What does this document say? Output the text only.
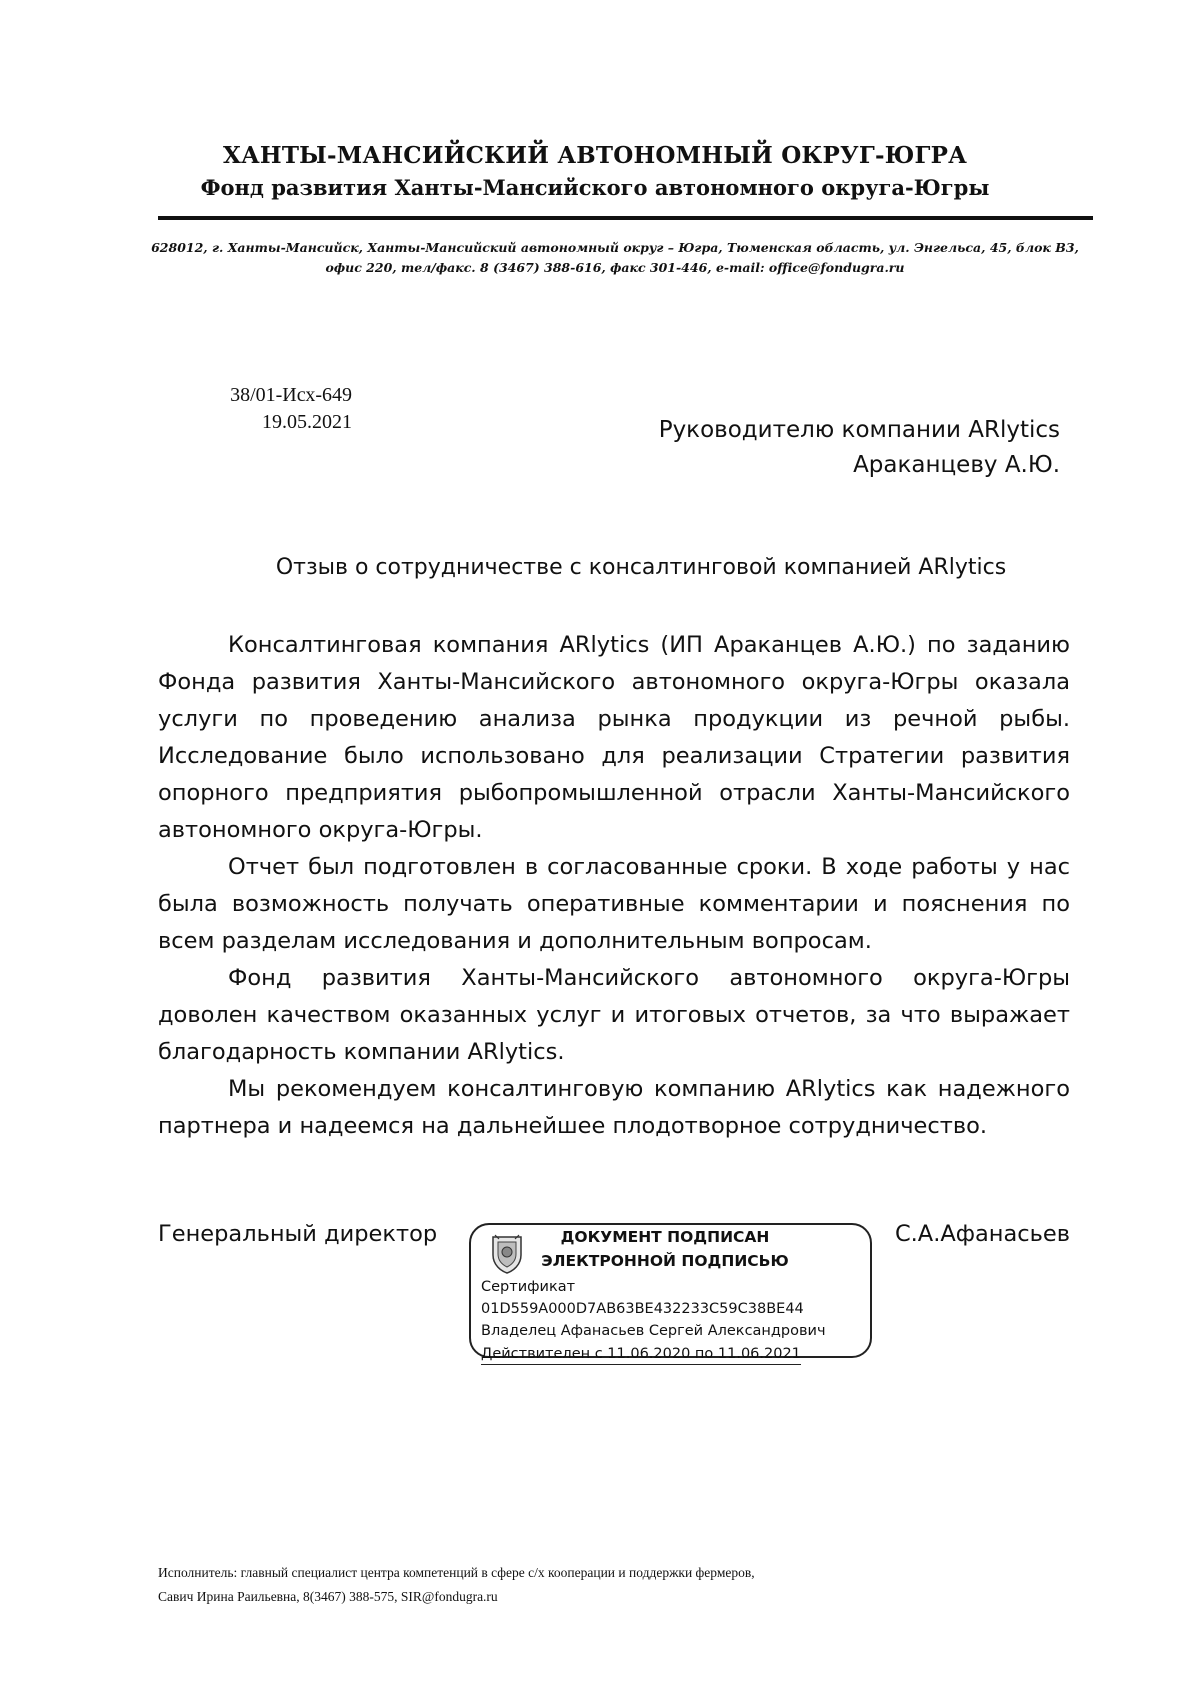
ХАНТЫ-МАНСИЙСКИЙ АВТОНОМНЫЙ ОКРУГ-ЮГРА
Фонд развития Ханты-Мансийского автономного округа-Югры
628012, г. Ханты-Мансийск, Ханты-Мансийский автономный округ – Югра, Тюменская область, ул. Энгельса, 45, блок В3,
офис 220, тел/факс. 8 (3467) 388-616, факс 301-446, e-mail: office@fondugra.ru
38/01-Исх-649
19.05.2021	Руководителю компании ARlytics
Араканцеву А.Ю.
Отзыв о сотрудничестве с консалтинговой компанией ARlytics

Консалтинговая компания ARlytics (ИП Араканцев А.Ю.) по заданию Фонда развития Ханты-Мансийского автономного округа-Югры оказала услуги по проведению анализа рынка продукции из речной рыбы. Исследование было использовано для реализации Стратегии развития опорного предприятия рыбопромышленной отрасли Ханты-Мансийского автономного округа-Югры.

Отчет был подготовлен в согласованные сроки. В ходе работы у нас была возможность получать оперативные комментарии и пояснения по всем разделам исследования и дополнительным вопросам.

Фонд развития Ханты-Мансийского автономного округа-Югры доволен качеством оказанных услуг и итоговых отчетов, за что выражает благодарность компании ARlytics.

Мы рекомендуем консалтинговую компанию ARlytics как надежного партнера и надеемся на дальнейшее плодотворное сотрудничество.

Генеральный директор	ДОКУМЕНТ ПОДПИСАН
ЭЛЕКТРОННОЙ ПОДПИСЬЮ
Сертификат
01D559A000D7AB63BE432233C59C38BE44
Владелец Афанасьев Сергей Александрович
Действителен с 11.06.2020 по 11.06.2021
С.А.Афанасьев
Исполнитель: главный специалист центра компетенций в сфере с/х кооперации и поддержки фермеров,
Савич Ирина Раильевна, 8(3467) 388-575, SIR@fondugra.ru
